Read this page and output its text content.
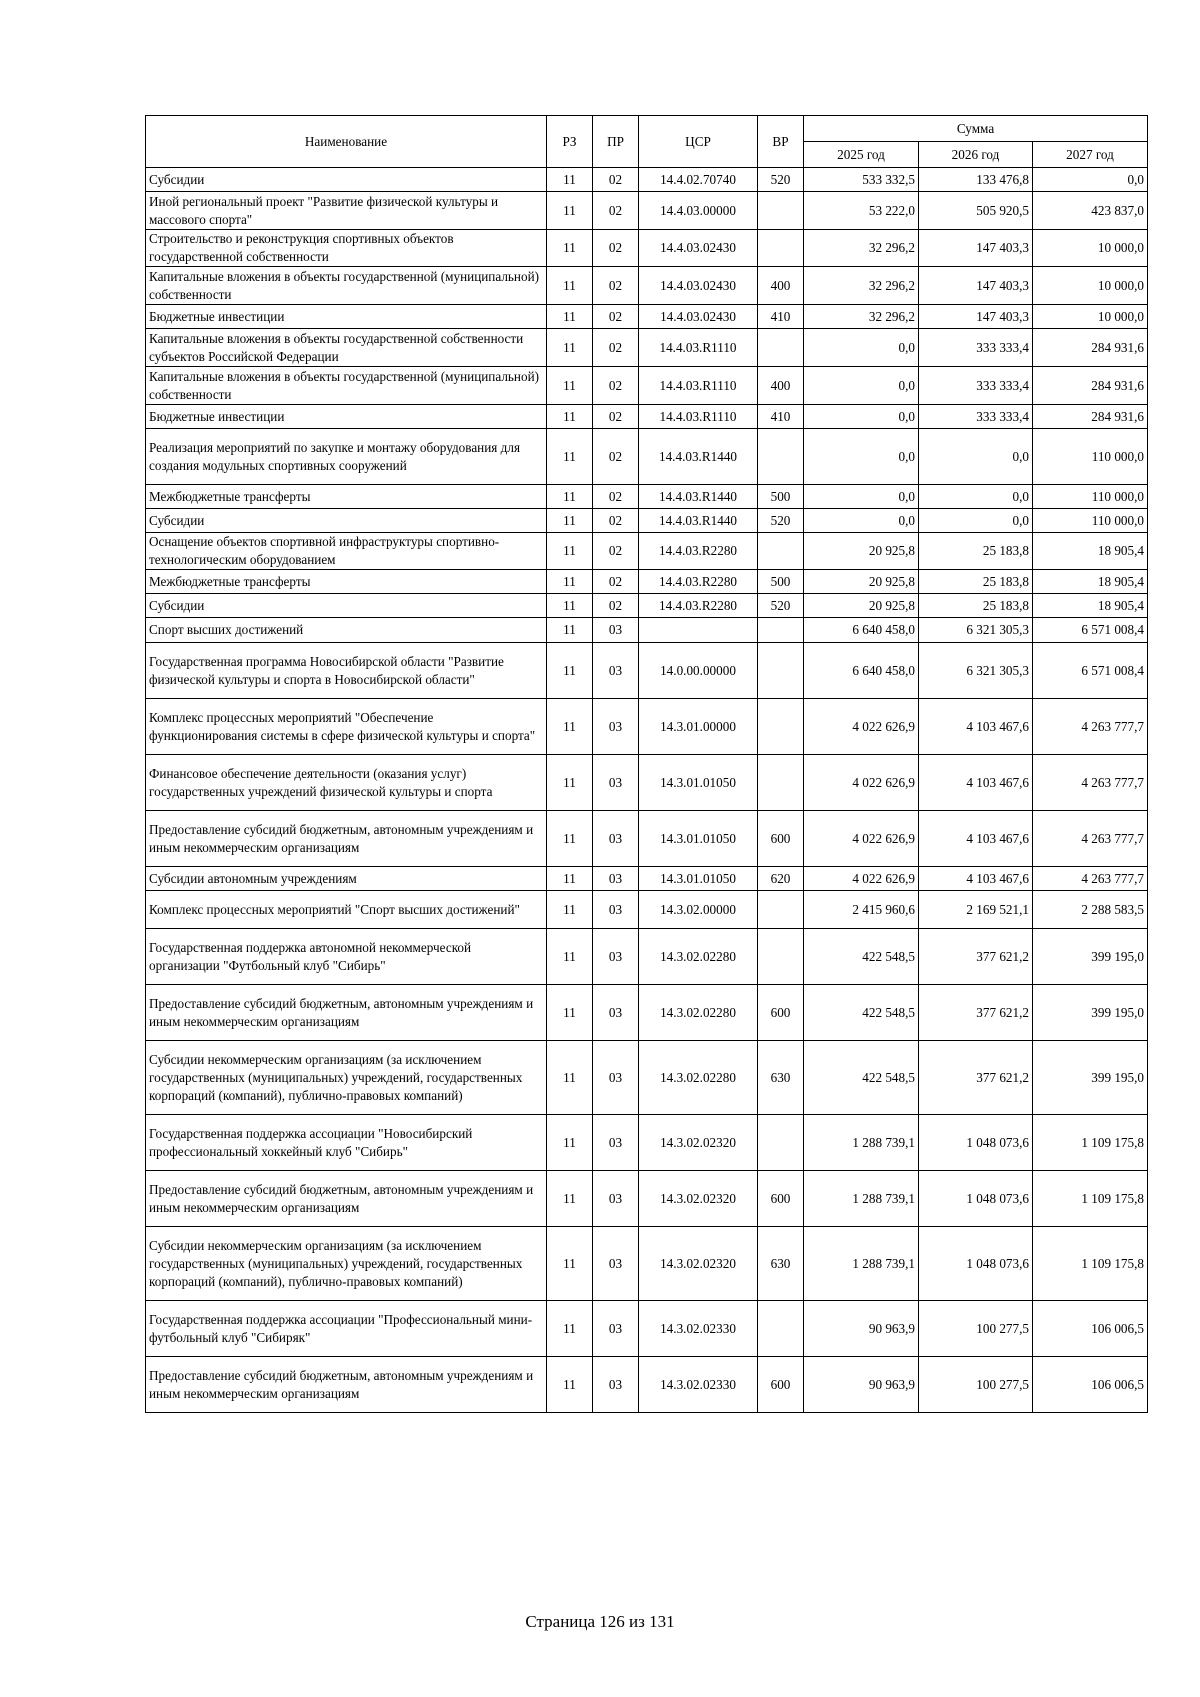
Наименование	РЗ	ПР	ЦСР	ВР	Сумма		
					2025 год	2026 год	2027 год
Субсидии	11	02	14.4.02.70740	520	533 332,5	133 476,8	0,0
Иной региональный проект "Развитие физической культуры и массового спорта"	11	02	14.4.03.00000		53 222,0	505 920,5	423 837,0
Строительство и реконструкция спортивных объектов государственной собственности	11	02	14.4.03.02430		32 296,2	147 403,3	10 000,0
Капитальные вложения в объекты государственной (муниципальной) собственности	11	02	14.4.03.02430	400	32 296,2	147 403,3	10 000,0
Бюджетные инвестиции	11	02	14.4.03.02430	410	32 296,2	147 403,3	10 000,0
Капитальные вложения в объекты государственной собственности субъектов Российской Федерации	11	02	14.4.03.R1110		0,0	333 333,4	284 931,6
Капитальные вложения в объекты государственной (муниципальной) собственности	11	02	14.4.03.R1110	400	0,0	333 333,4	284 931,6
Бюджетные инвестиции	11	02	14.4.03.R1110	410	0,0	333 333,4	284 931,6
Реализация мероприятий по закупке и монтажу оборудования для создания модульных спортивных сооружений	11	02	14.4.03.R1440		0,0	0,0	110 000,0
Межбюджетные трансферты	11	02	14.4.03.R1440	500	0,0	0,0	110 000,0
Субсидии	11	02	14.4.03.R1440	520	0,0	0,0	110 000,0
Оснащение объектов спортивной инфраструктуры спортивно-технологическим оборудованием	11	02	14.4.03.R2280		20 925,8	25 183,8	18 905,4
Межбюджетные трансферты	11	02	14.4.03.R2280	500	20 925,8	25 183,8	18 905,4
Субсидии	11	02	14.4.03.R2280	520	20 925,8	25 183,8	18 905,4
Спорт высших достижений	11	03			6 640 458,0	6 321 305,3	6 571 008,4
Государственная программа Новосибирской области "Развитие физической культуры и спорта в Новосибирской области"	11	03	14.0.00.00000		6 640 458,0	6 321 305,3	6 571 008,4
Комплекс процессных мероприятий "Обеспечение функционирования системы в сфере физической культуры и спорта"	11	03	14.3.01.00000		4 022 626,9	4 103 467,6	4 263 777,7
Финансовое обеспечение деятельности (оказания услуг) государственных учреждений физической культуры и спорта	11	03	14.3.01.01050		4 022 626,9	4 103 467,6	4 263 777,7
Предоставление субсидий бюджетным, автономным учреждениям и иным некоммерческим организациям	11	03	14.3.01.01050	600	4 022 626,9	4 103 467,6	4 263 777,7
Субсидии автономным учреждениям	11	03	14.3.01.01050	620	4 022 626,9	4 103 467,6	4 263 777,7
Комплекс процессных мероприятий "Спорт высших достижений"	11	03	14.3.02.00000		2 415 960,6	2 169 521,1	2 288 583,5
Государственная поддержка автономной некоммерческой организации "Футбольный клуб "Сибирь"	11	03	14.3.02.02280		422 548,5	377 621,2	399 195,0
Предоставление субсидий бюджетным, автономным учреждениям и иным некоммерческим организациям	11	03	14.3.02.02280	600	422 548,5	377 621,2	399 195,0
Субсидии некоммерческим организациям (за исключением государственных (муниципальных) учреждений, государственных корпораций (компаний), публично-правовых компаний)	11	03	14.3.02.02280	630	422 548,5	377 621,2	399 195,0
Государственная поддержка ассоциации "Новосибирский профессиональный хоккейный клуб "Сибирь"	11	03	14.3.02.02320		1 288 739,1	1 048 073,6	1 109 175,8
Предоставление субсидий бюджетным, автономным учреждениям и иным некоммерческим организациям	11	03	14.3.02.02320	600	1 288 739,1	1 048 073,6	1 109 175,8
Субсидии некоммерческим организациям (за исключением государственных (муниципальных) учреждений, государственных корпораций (компаний), публично-правовых компаний)	11	03	14.3.02.02320	630	1 288 739,1	1 048 073,6	1 109 175,8
Государственная поддержка ассоциации "Профессиональный мини-футбольный клуб "Сибиряк"	11	03	14.3.02.02330		90 963,9	100 277,5	106 006,5
Предоставление субсидий бюджетным, автономным учреждениям и иным некоммерческим организациям	11	03	14.3.02.02330	600	90 963,9	100 277,5	106 006,5
Страница 126 из 131
